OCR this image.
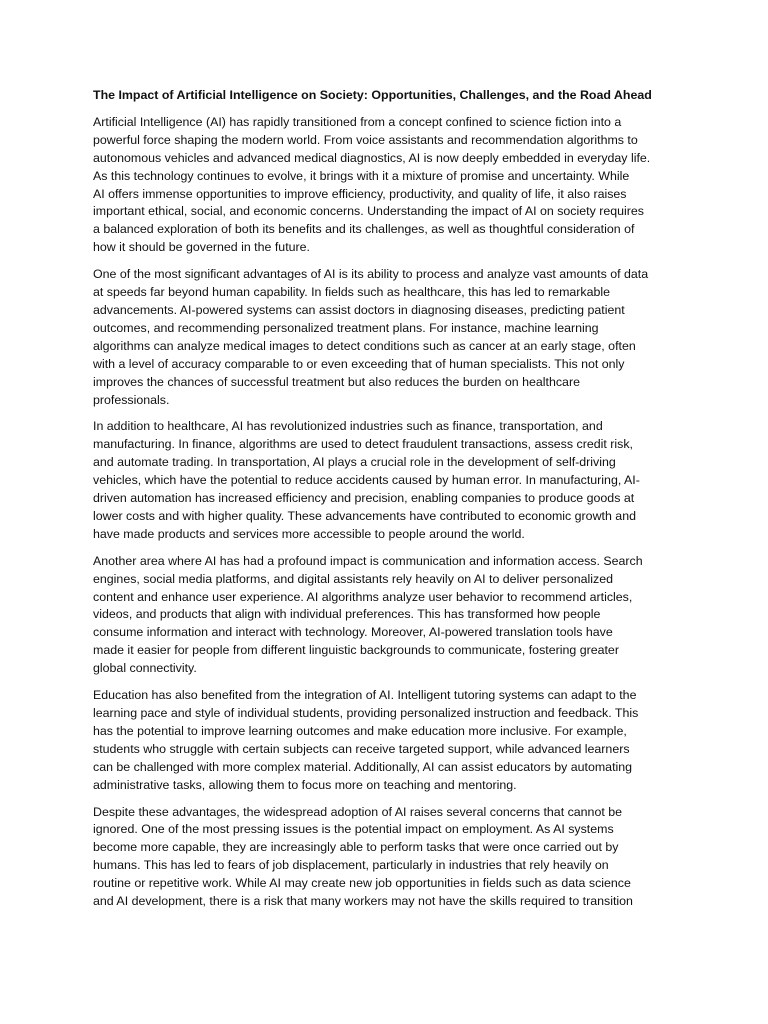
The Impact of Artificial Intelligence on Society: Opportunities, Challenges, and the Road Ahead

Artificial Intelligence (AI) has rapidly transitioned from a concept confined to science fiction into a
powerful force shaping the modern world. From voice assistants and recommendation algorithms to
autonomous vehicles and advanced medical diagnostics, AI is now deeply embedded in everyday life.
As this technology continues to evolve, it brings with it a mixture of promise and uncertainty. While
AI offers immense opportunities to improve efficiency, productivity, and quality of life, it also raises
important ethical, social, and economic concerns. Understanding the impact of AI on society requires
a balanced exploration of both its benefits and its challenges, as well as thoughtful consideration of
how it should be governed in the future.

One of the most significant advantages of AI is its ability to process and analyze vast amounts of data
at speeds far beyond human capability. In fields such as healthcare, this has led to remarkable
advancements. AI-powered systems can assist doctors in diagnosing diseases, predicting patient
outcomes, and recommending personalized treatment plans. For instance, machine learning
algorithms can analyze medical images to detect conditions such as cancer at an early stage, often
with a level of accuracy comparable to or even exceeding that of human specialists. This not only
improves the chances of successful treatment but also reduces the burden on healthcare
professionals.

In addition to healthcare, AI has revolutionized industries such as finance, transportation, and
manufacturing. In finance, algorithms are used to detect fraudulent transactions, assess credit risk,
and automate trading. In transportation, AI plays a crucial role in the development of self-driving
vehicles, which have the potential to reduce accidents caused by human error. In manufacturing, AI-
driven automation has increased efficiency and precision, enabling companies to produce goods at
lower costs and with higher quality. These advancements have contributed to economic growth and
have made products and services more accessible to people around the world.

Another area where AI has had a profound impact is communication and information access. Search
engines, social media platforms, and digital assistants rely heavily on AI to deliver personalized
content and enhance user experience. AI algorithms analyze user behavior to recommend articles,
videos, and products that align with individual preferences. This has transformed how people
consume information and interact with technology. Moreover, AI-powered translation tools have
made it easier for people from different linguistic backgrounds to communicate, fostering greater
global connectivity.

Education has also benefited from the integration of AI. Intelligent tutoring systems can adapt to the
learning pace and style of individual students, providing personalized instruction and feedback. This
has the potential to improve learning outcomes and make education more inclusive. For example,
students who struggle with certain subjects can receive targeted support, while advanced learners
can be challenged with more complex material. Additionally, AI can assist educators by automating
administrative tasks, allowing them to focus more on teaching and mentoring.

Despite these advantages, the widespread adoption of AI raises several concerns that cannot be
ignored. One of the most pressing issues is the potential impact on employment. As AI systems
become more capable, they are increasingly able to perform tasks that were once carried out by
humans. This has led to fears of job displacement, particularly in industries that rely heavily on
routine or repetitive work. While AI may create new job opportunities in fields such as data science
and AI development, there is a risk that many workers may not have the skills required to transition
